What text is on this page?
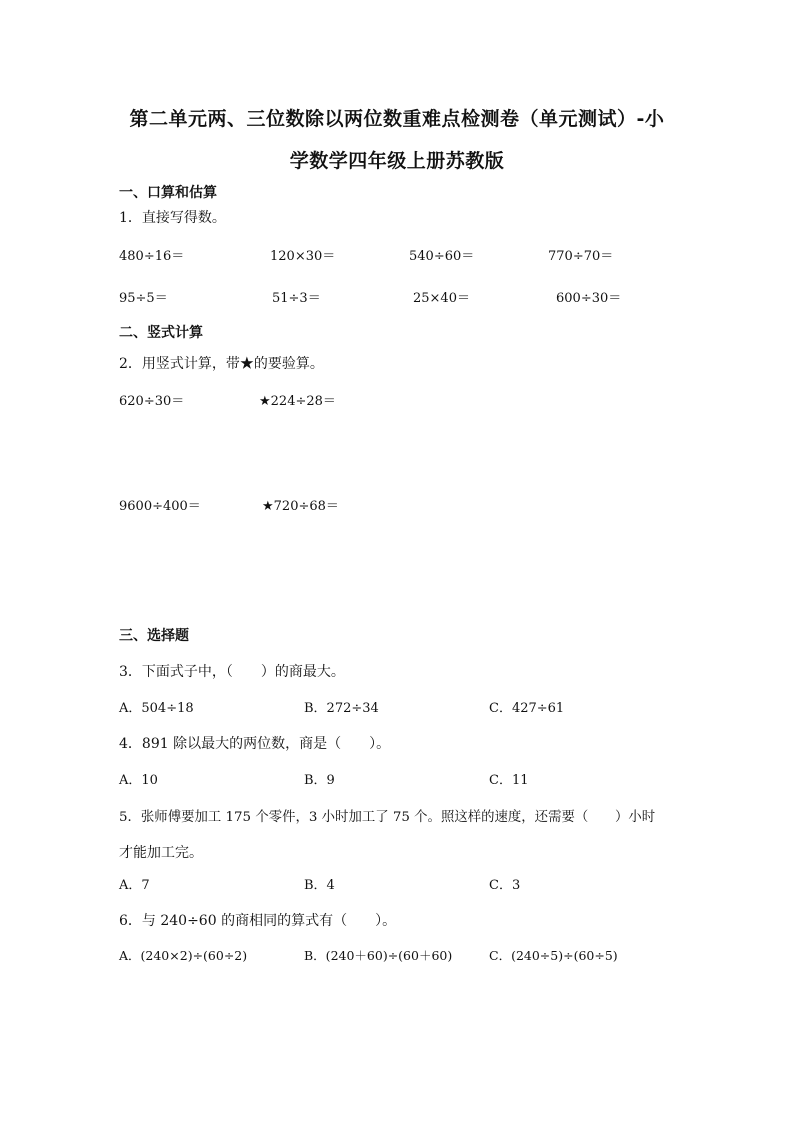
第二单元两、三位数除以两位数重难点检测卷（单元测试）-小
学数学四年级上册苏教版
一、口算和估算
1．直接写得数。
480÷16＝	120×30＝	540÷60＝	770÷70＝
95÷5＝	51÷3＝	25×40＝	600÷30＝
二、竖式计算
2．用竖式计算，带★的要验算。
620÷30＝	★224÷28＝
9600÷400＝	★720÷68＝
三、选择题
3．下面式子中，（　　）的商最大。
A．504÷18	B．272÷34	C．427÷61
4．891 除以最大的两位数，商是（　　）。
A．10	B．9	C．11
5．张师傅要加工 175 个零件，3 小时加工了 75 个。照这样的速度，还需要（　　）小时
才能加工完。
A．7	B．4	C．3
6．与 240÷60 的商相同的算式有（　　）。
A．(240×2)÷(60÷2)	B．(240＋60)÷(60＋60)	C．(240÷5)÷(60÷5)
